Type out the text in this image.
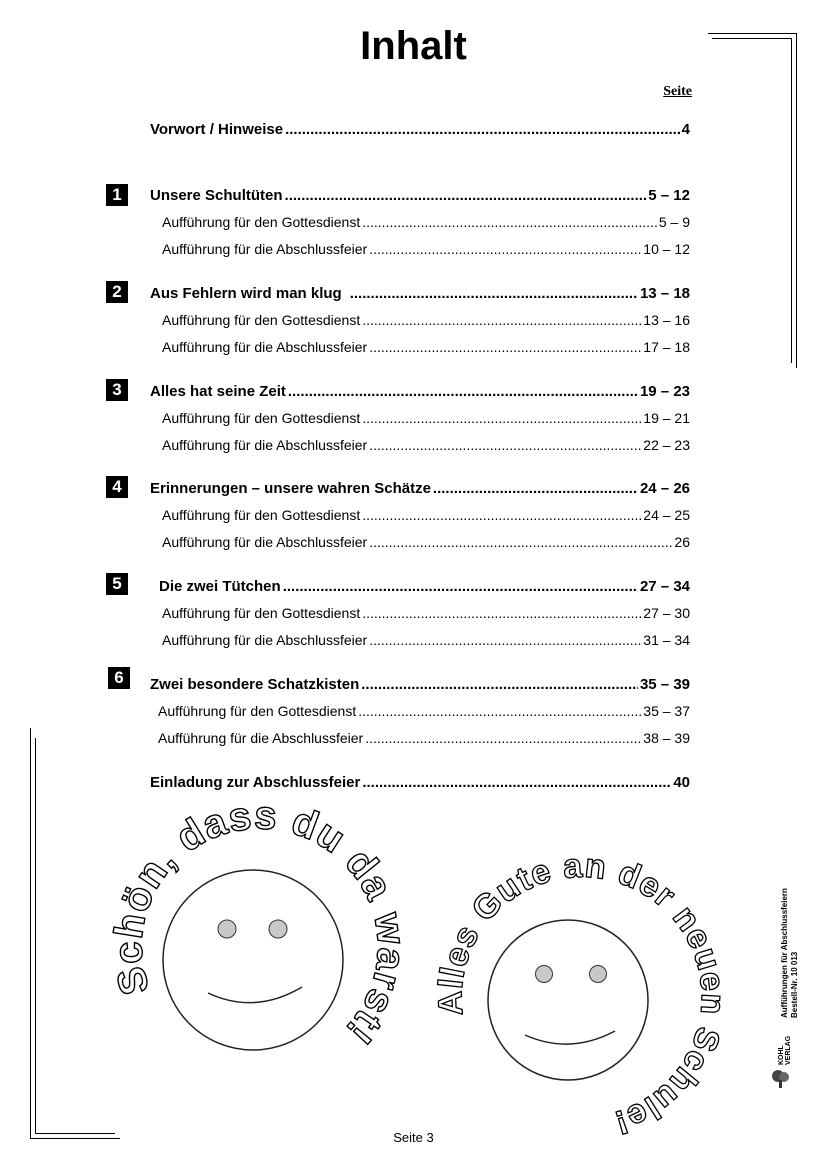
Inhalt
Seite
Vorwort / Hinweise .....	4
1	Unsere Schultüten .....	5 – 12
Aufführung für den Gottesdienst .....	5 – 9
Aufführung für die Abschlussfeier .....	10 – 12
2	Aus Fehlern wird man klug .....	13 – 18
Aufführung für den Gottesdienst .....	13 – 16
Aufführung für die Abschlussfeier .....	17 – 18
3	Alles hat seine Zeit .....	19 – 23
Aufführung für den Gottesdienst .....	19 – 21
Aufführung für die Abschlussfeier .....	22 – 23
4	Erinnerungen – unsere wahren Schätze .....	24 – 26
Aufführung für den Gottesdienst .....	24 – 25
Aufführung für die Abschlussfeier .....	26
5	Die zwei Tütchen .....	27 – 34
Aufführung für den Gottesdienst .....	27 – 30
Aufführung für die Abschlussfeier .....	31 – 34
6	Zwei besondere Schatzkisten .....	35 – 39
Aufführung für den Gottesdienst .....	35 – 37
Aufführung für die Abschlussfeier .....	38 – 39
Einladung zur Abschlussfeier .....	40
Schön, dass du da warst!
Alles Gute an der neuen Schule!
Aufführungen für Abschlussfeiern Bestell-Nr. 10 013
KOHL VERLAG
Seite 3
